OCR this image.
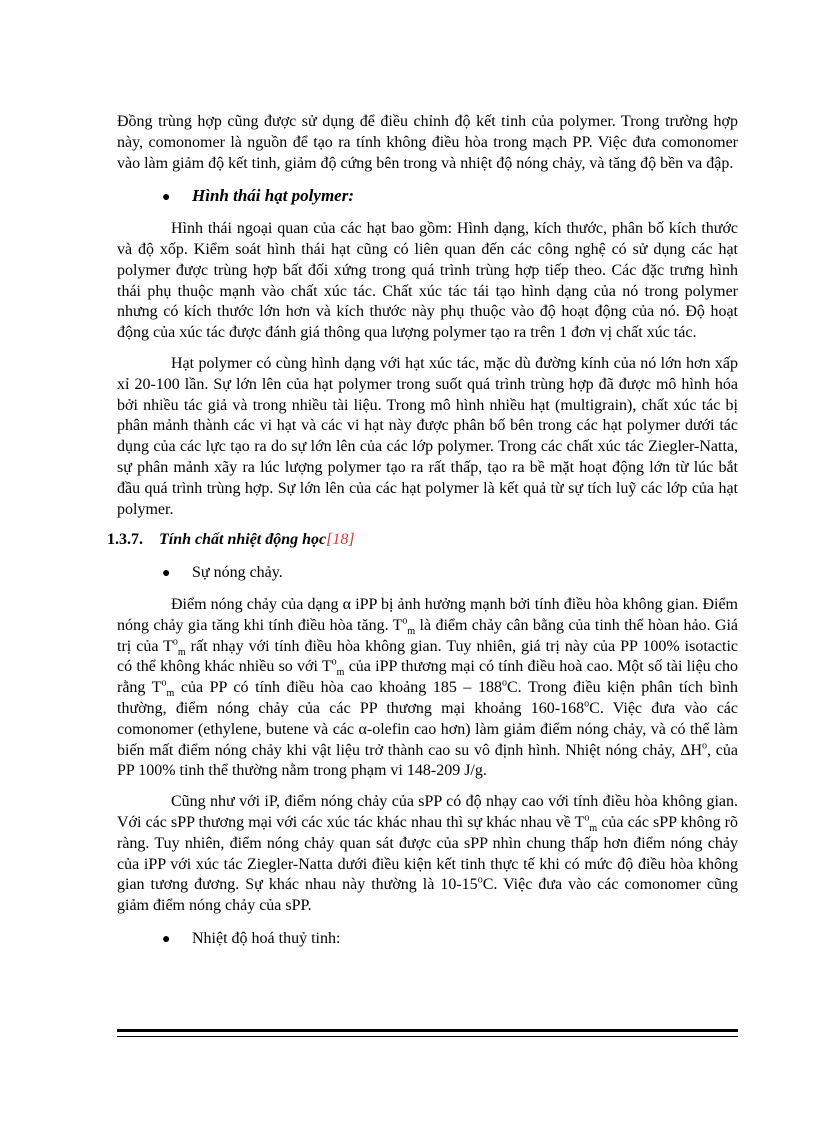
Đồng trùng hợp cũng được sử dụng để điều chỉnh độ kết tinh của polymer. Trong trường hợp này, comonomer là nguồn để tạo ra tính không điều hòa trong mạch PP. Việc đưa comonomer vào làm giảm độ kết tinh, giảm độ cứng bên trong và nhiệt độ nóng chảy, và tăng độ bền va đập.

●	Hình thái hạt polymer:

Hình thái ngoại quan của các hạt bao gồm: Hình dạng, kích thước, phân bố kích thước và độ xốp. Kiểm soát hình thái hạt cũng có liên quan đến các công nghệ có sử dụng các hạt polymer được trùng hợp bất đối xứng trong quá trình trùng hợp tiếp theo. Các đặc trưng hình thái phụ thuộc mạnh vào chất xúc tác. Chất xúc tác tái tạo hình dạng của nó trong polymer nhưng có kích thước lớn hơn và kích thước này phụ thuộc vào độ hoạt động của nó. Độ hoạt động của xúc tác được đánh giá thông qua lượng polymer tạo ra trên 1 đơn vị chất xúc tác.

Hạt polymer có cùng hình dạng với hạt xúc tác, mặc dù đường kính của nó lớn hơn xấp xỉ 20-100 lần. Sự lớn lên của hạt polymer trong suốt quá trình trùng hợp đã được mô hình hóa bởi nhiều tác giả và trong nhiều tài liệu. Trong mô hình nhiều hạt (multigrain), chất xúc tác bị phân mảnh thành các vi hạt và các vi hạt này được phân bố bên trong các hạt polymer dưới tác dụng của các lực tạo ra do sự lớn lên của các lớp polymer. Trong các chất xúc tác Ziegler-Natta, sự phân mảnh xãy ra lúc lượng polymer tạo ra rất thấp, tạo ra bề mặt hoạt động lớn từ lúc bắt đầu quá trình trùng hợp. Sự lớn lên của các hạt polymer là kết quả từ sự tích luỹ các lớp của hạt polymer.

1.3.7.	Tính chất nhiệt động học[18]
●	Sự nóng chảy.

Điểm nóng chảy của dạng α iPP bị ảnh hưởng mạnh bởi tính điều hòa không gian. Điểm nóng chảy gia tăng khi tính điều hòa tăng. $T^o_m$ là điểm chảy cân bằng của tinh thể hòan hảo. Giá trị của $T^o_m$ rất nhạy với tính điều hòa không gian. Tuy nhiên, giá trị này của PP 100% isotactic có thể không khác nhiều so với $T^o_m$ của iPP thương mại có tính điều hoà cao. Một số tài liệu cho rằng $T^o_m$ của PP có tính điều hòa cao khoảng 185 – 188$^o$C. Trong điều kiện phân tích bình thường, điểm nóng chảy của các PP thương mại khoảng 160-168$^o$C. Việc đưa vào các comonomer (ethylene, butene và các α-olefin cao hơn) làm giảm điểm nóng chảy, và có thể làm biến mất điểm nóng chảy khi vật liệu trở thành cao su vô định hình. Nhiệt nóng chảy, $\Delta H^o$, của PP 100% tinh thể thường nằm trong phạm vi 148-209 J/g.

Cũng như với iP, điểm nóng chảy của sPP có độ nhạy cao với tính điều hòa không gian. Với các sPP thương mại với các xúc tác khác nhau thì sự khác nhau về $T^o_m$ của các sPP không rõ ràng. Tuy nhiên, điểm nóng chảy quan sát được của sPP nhìn chung thấp hơn điểm nóng chảy của iPP với xúc tác Ziegler-Natta dưới điều kiện kết tinh thực tế khi có mức độ điều hòa không gian tương đương. Sự khác nhau này thường là 10-15$^o$C. Việc đưa vào các comonomer cũng giảm điểm nóng chảy của sPP.

●	Nhiệt độ hoá thuỷ tinh:
